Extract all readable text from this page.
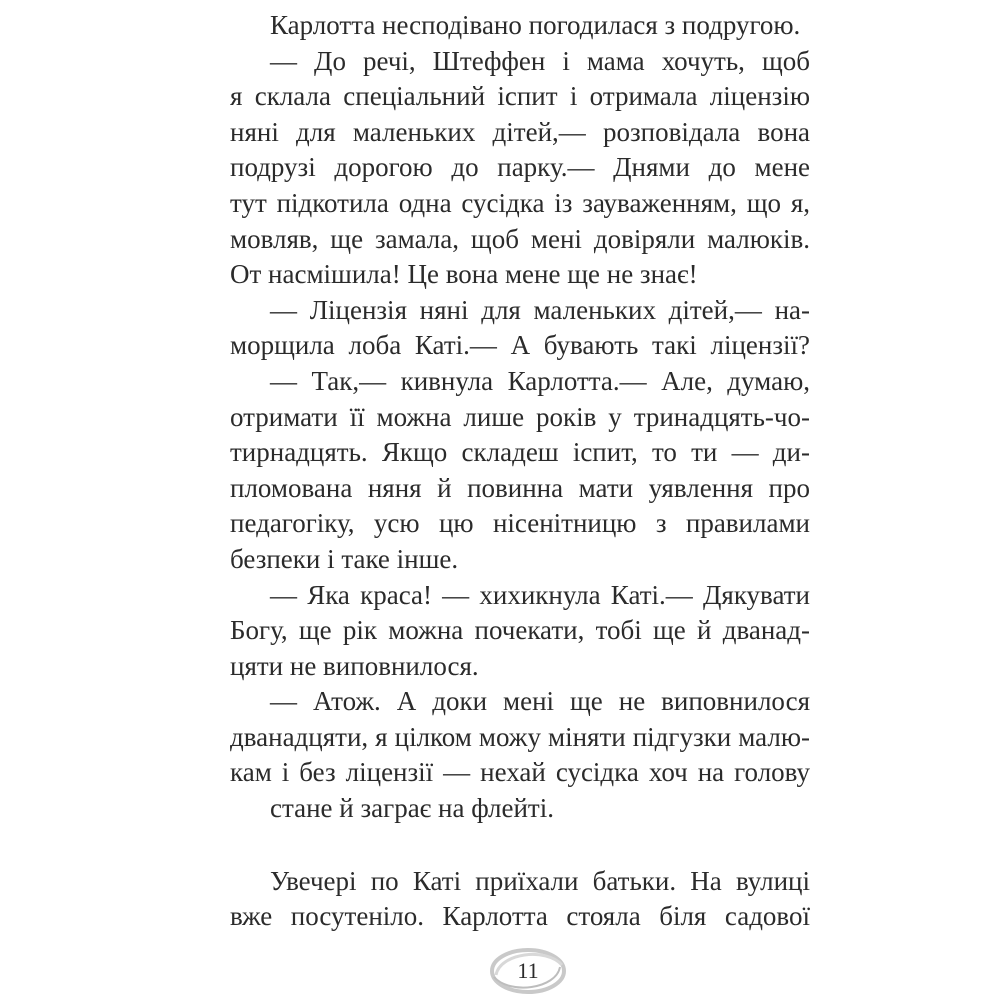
Карлотта несподівано погодилася з подругою.
— До речі, Штеффен і мама хочуть, щоб
я склала спеціальний іспит і отримала ліцензію
няні для маленьких дітей,— розповідала вона
подрузі дорогою до парку.— Днями до мене
тут підкотила одна сусідка із зауваженням, що я,
мовляв, ще замала, щоб мені довіряли малюків.
От насмішила! Це вона мене ще не знає!
— Ліцензія няні для маленьких дітей,— на-
морщила лоба Каті.— А бувають такі ліцензії?
— Так,— кивнула Карлотта.— Але, думаю,
отримати її можна лише років у тринадцять-чо-
тирнадцять. Якщо складеш іспит, то ти — ди-
пломована няня й повинна мати уявлення про
педагогіку, усю цю нісенітницю з правилами
безпеки і таке інше.
— Яка краса! — хихикнула Каті.— Дякувати
Богу, ще рік можна почекати, тобі ще й дванад-
цяти не виповнилося.
— Атож. А доки мені ще не виповнилося
дванадцяти, я цілком можу міняти підгузки малю-
кам і без ліцензії — нехай сусідка хоч на голову
стане й заграє на флейті.
Увечері по Каті приїхали батьки. На вулиці
вже посутеніло. Карлотта стояла біля садової
11
